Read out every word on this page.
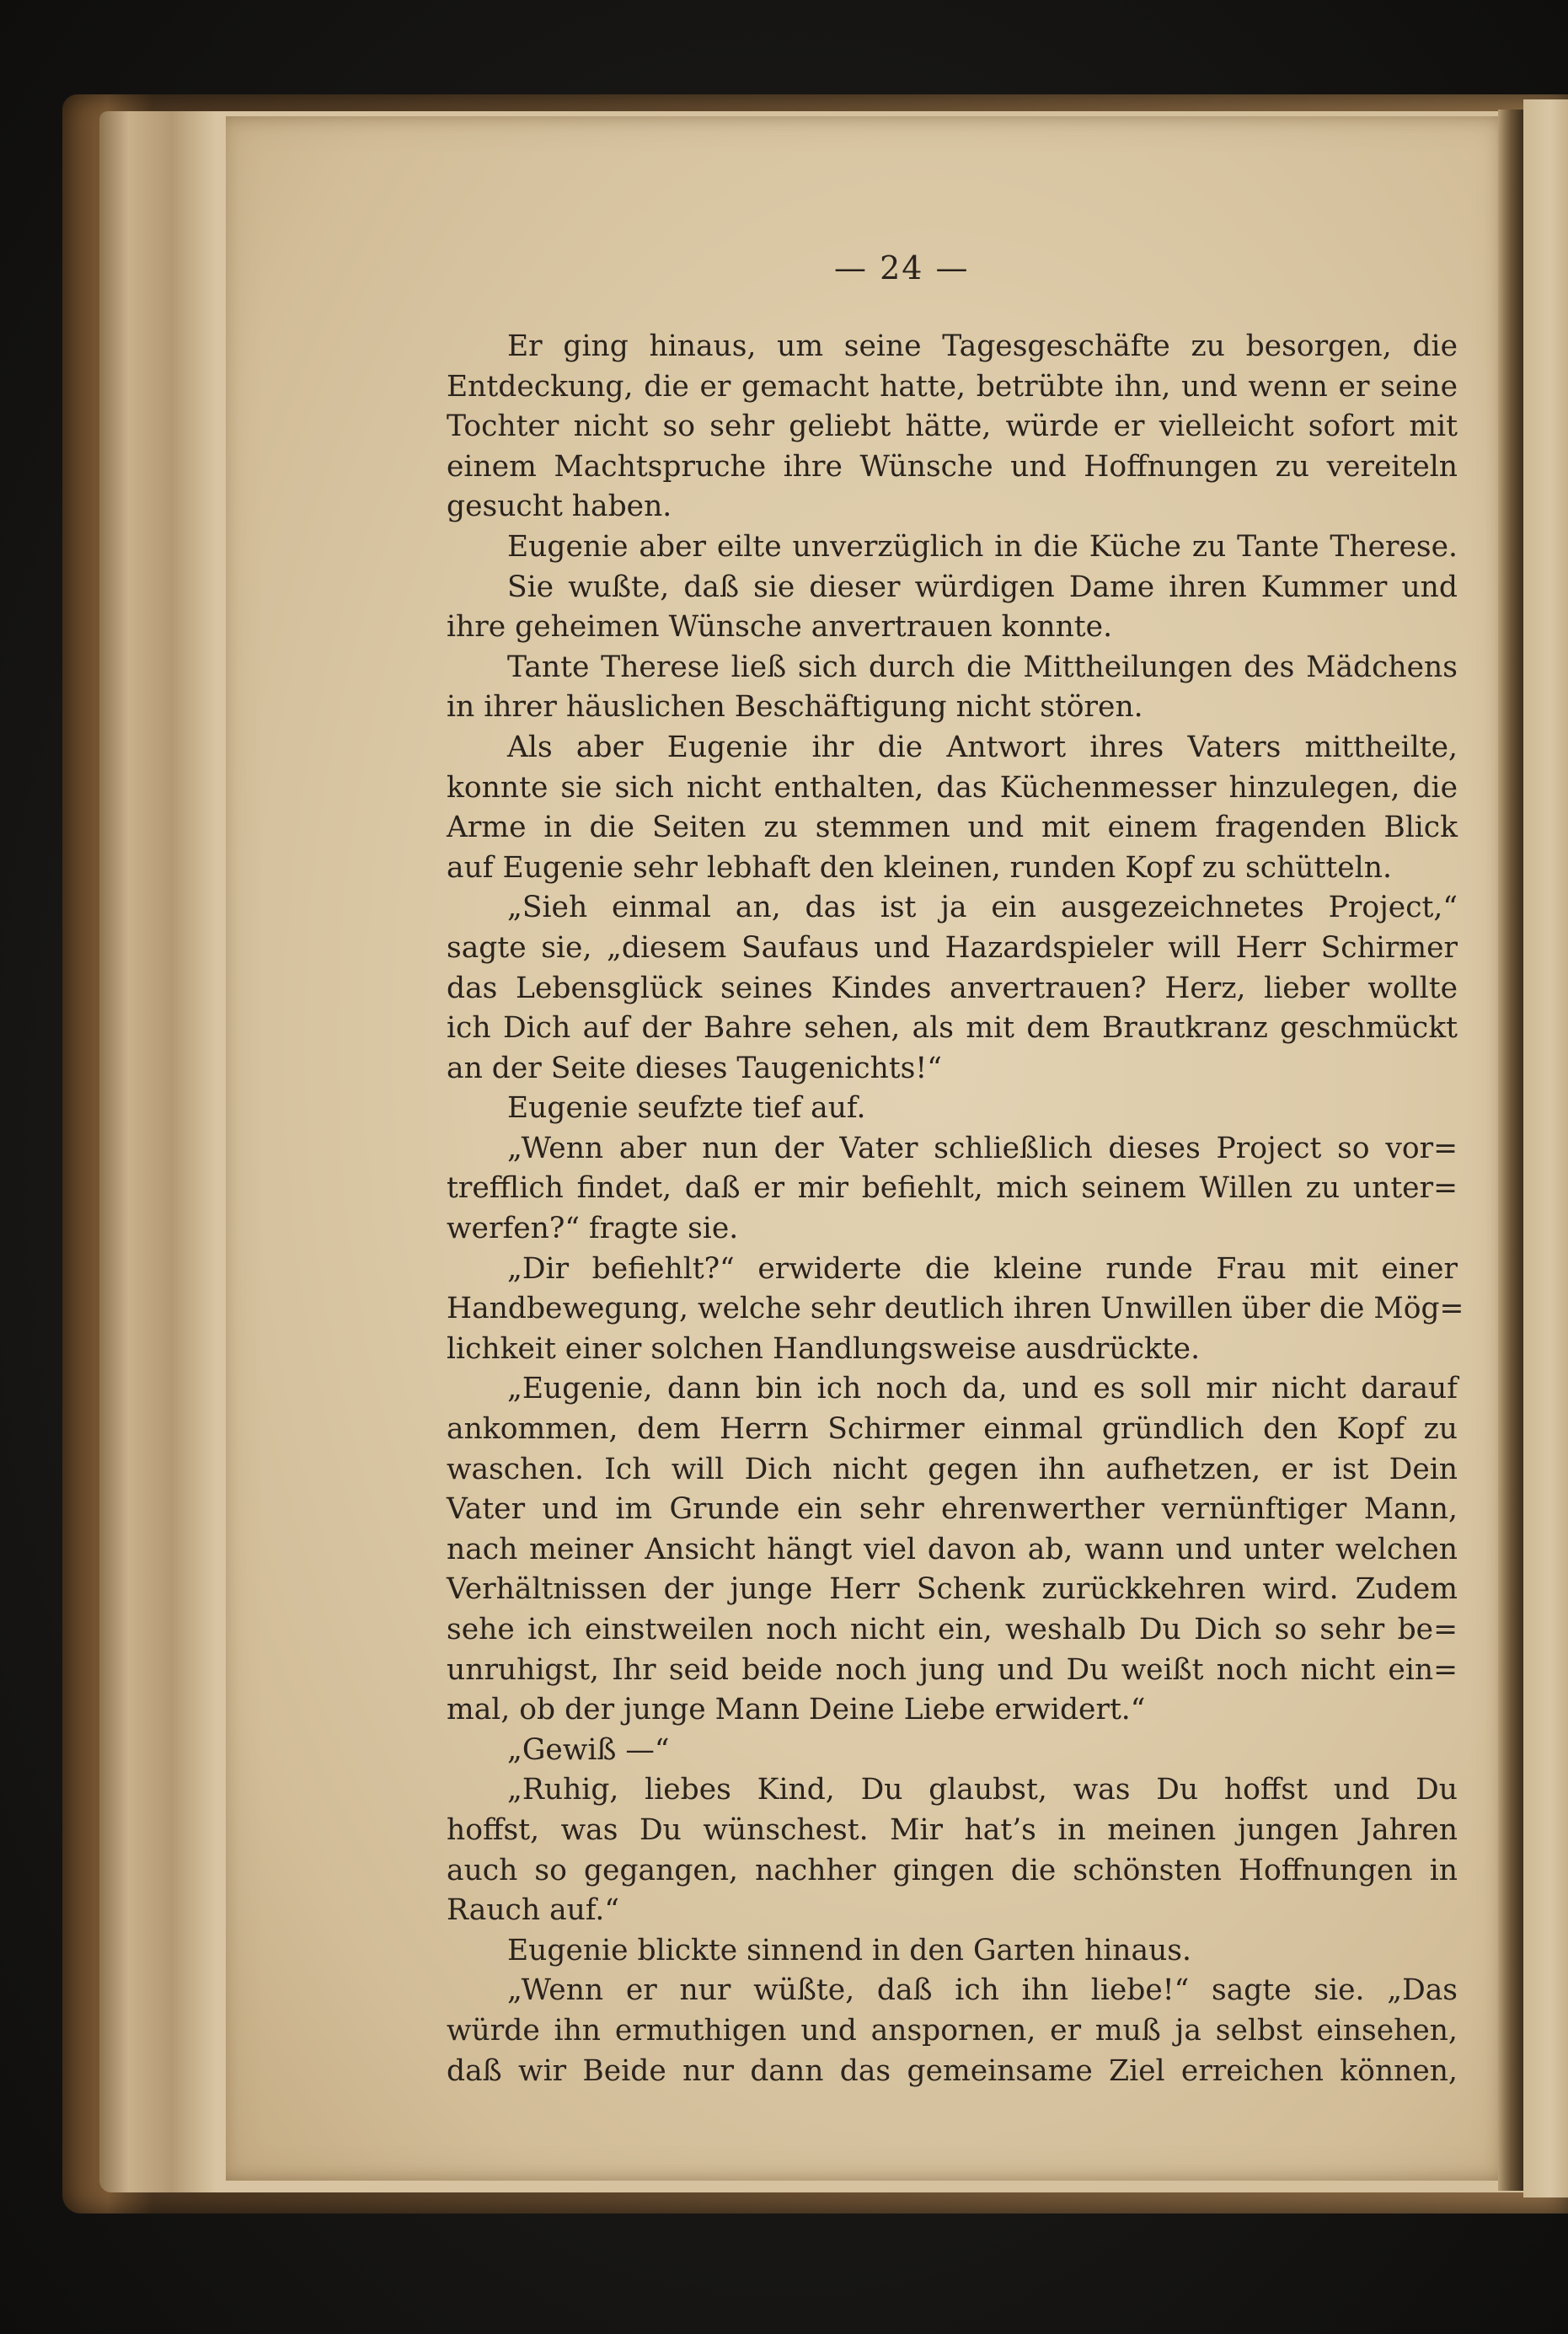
— 24 —
Er ging hinaus, um seine Tagesgeschäfte zu besorgen, die
Entdeckung, die er gemacht hatte, betrübte ihn, und wenn er seine
Tochter nicht so sehr geliebt hätte, würde er vielleicht sofort mit
einem Machtspruche ihre Wünsche und Hoffnungen zu vereiteln
gesucht haben.
Eugenie aber eilte unverzüglich in die Küche zu Tante Therese.
Sie wußte, daß sie dieser würdigen Dame ihren Kummer und
ihre geheimen Wünsche anvertrauen konnte.
Tante Therese ließ sich durch die Mittheilungen des Mädchens
in ihrer häuslichen Beschäftigung nicht stören.
Als aber Eugenie ihr die Antwort ihres Vaters mittheilte,
konnte sie sich nicht enthalten, das Küchenmesser hinzulegen, die
Arme in die Seiten zu stemmen und mit einem fragenden Blick
auf Eugenie sehr lebhaft den kleinen, runden Kopf zu schütteln.
„Sieh einmal an, das ist ja ein ausgezeichnetes Project,“
sagte sie, „diesem Saufaus und Hazardspieler will Herr Schirmer
das Lebensglück seines Kindes anvertrauen? Herz, lieber wollte
ich Dich auf der Bahre sehen, als mit dem Brautkranz geschmückt
an der Seite dieses Taugenichts!“
Eugenie seufzte tief auf.
„Wenn aber nun der Vater schließlich dieses Project so vor=
trefflich findet, daß er mir befiehlt, mich seinem Willen zu unter=
werfen?“ fragte sie.
„Dir befiehlt?“ erwiderte die kleine runde Frau mit einer
Handbewegung, welche sehr deutlich ihren Unwillen über die Mög=
lichkeit einer solchen Handlungsweise ausdrückte.
„Eugenie, dann bin ich noch da, und es soll mir nicht darauf
ankommen, dem Herrn Schirmer einmal gründlich den Kopf zu
waschen. Ich will Dich nicht gegen ihn aufhetzen, er ist Dein
Vater und im Grunde ein sehr ehrenwerther vernünftiger Mann,
nach meiner Ansicht hängt viel davon ab, wann und unter welchen
Verhältnissen der junge Herr Schenk zurückkehren wird. Zudem
sehe ich einstweilen noch nicht ein, weshalb Du Dich so sehr be=
unruhigst, Ihr seid beide noch jung und Du weißt noch nicht ein=
mal, ob der junge Mann Deine Liebe erwidert.“
„Gewiß —“
„Ruhig, liebes Kind, Du glaubst, was Du hoffst und Du
hoffst, was Du wünschest. Mir hat’s in meinen jungen Jahren
auch so gegangen, nachher gingen die schönsten Hoffnungen in
Rauch auf.“
Eugenie blickte sinnend in den Garten hinaus.
„Wenn er nur wüßte, daß ich ihn liebe!“ sagte sie. „Das
würde ihn ermuthigen und anspornen, er muß ja selbst einsehen,
daß wir Beide nur dann das gemeinsame Ziel erreichen können,
